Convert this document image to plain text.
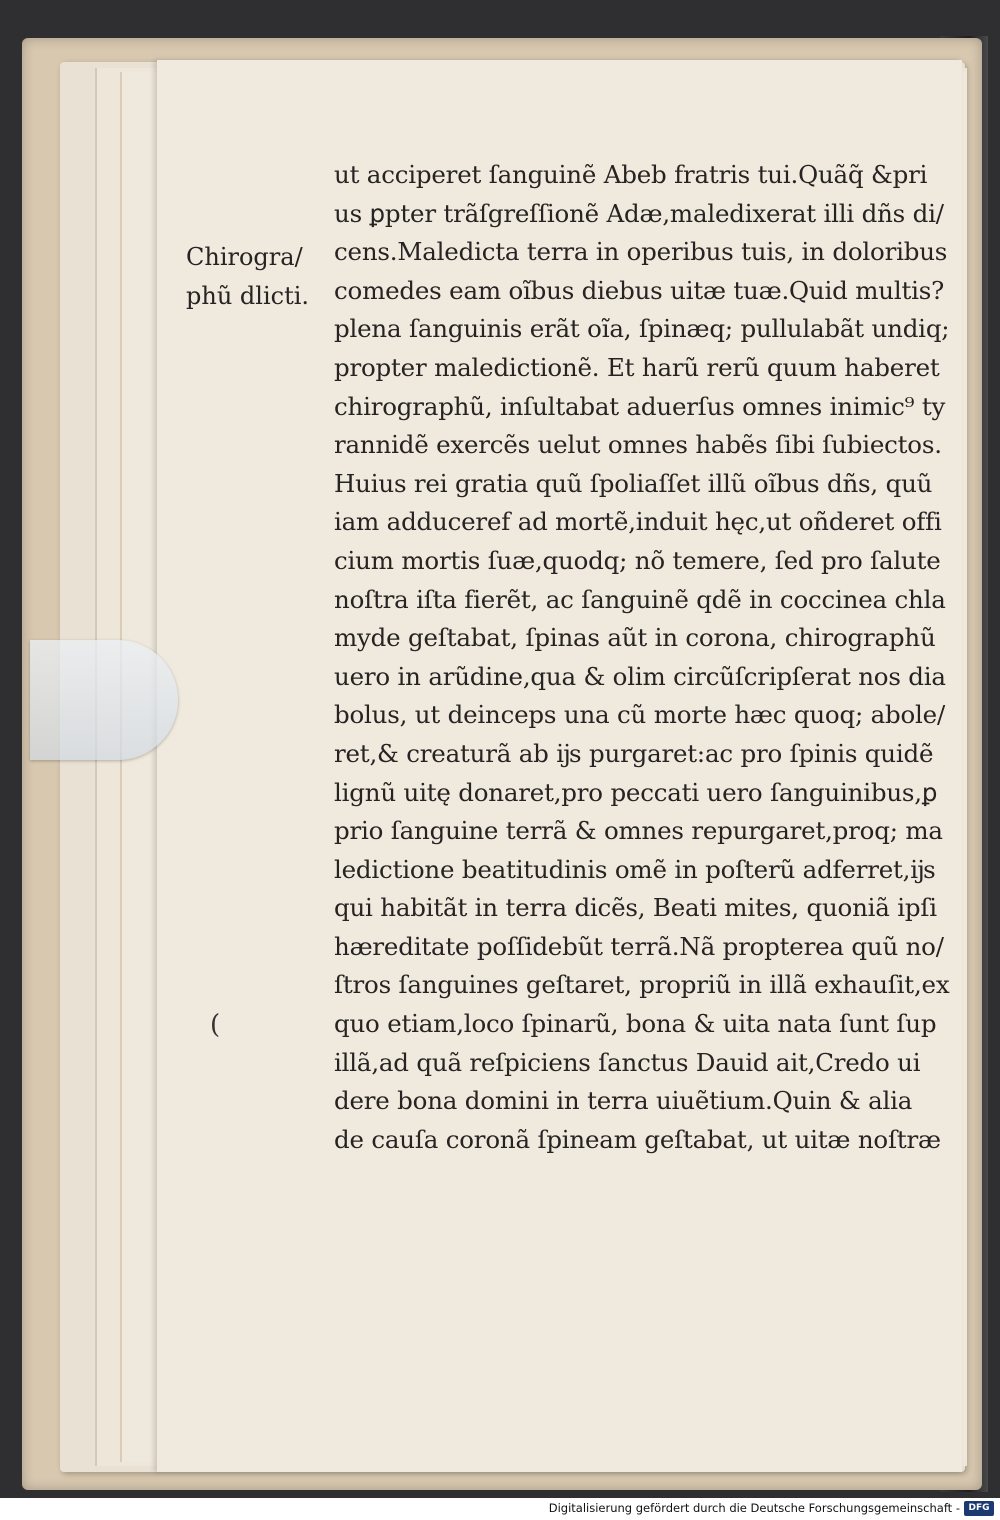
Chirogra/
phũ dlicti.
(
ut acciperet ſanguinẽ Abeb fratris tui.Quãq̃ &pri
us ꝑpter trãſgreſſionẽ Adæ,maledixerat illi dñs di/
cens.Maledicta terra in operibus tuis, in doloribus
comedes eam oĩbus diebus uitæ tuæ.Quid multis?
plena ſanguinis erãt oĩa, ſpinæq; pullulabãt undiq;
propter maledictionẽ. Et harũ rerũ quum haberet
chirographũ, inſultabat aduerſus omnes inimic⁹ ty
rannidẽ exercẽs uelut omnes habẽs ſibi ſubiectos.
Huius rei gratia quũ ſpoliaſſet illũ oĩbus dñs, quũ
iam adduceref ad mortẽ,induit hęc,ut oñderet offi
cium mortis ſuæ,quodq; nõ temere, ſed pro ſalute
noſtra iſta fierẽt, ac ſanguinẽ qdẽ in coccinea chla
myde geſtabat, ſpinas aũt in corona, chirographũ
uero in arũdine,qua & olim circũſcripſerat nos dia
bolus, ut deinceps una cũ morte hæc quoq; abole/
ret,& creaturã ab ĳs purgaret:ac pro ſpinis quidẽ
lignũ uitę donaret,pro peccati uero ſanguinibus,ꝑ
prio ſanguine terrã & omnes repurgaret,proq; ma
ledictione beatitudinis omẽ in poſterũ adferret,ĳs
qui habitãt in terra dicẽs, Beati mites, quoniã ipſi
hæreditate poſſidebũt terrã.Nã propterea quũ no/
ſtros ſanguines geſtaret, propriũ in illã exhauſit,ex
quo etiam,loco ſpinarũ, bona & uita nata ſunt ſup
illã,ad quã reſpiciens ſanctus Dauid ait,Credo ui
dere bona domini in terra uiuẽtium.Quin & alia
de cauſa coronã ſpineam geſtabat, ut uitæ noſtræ
Digitalisierung gefördert durch die Deutsche Forschungsgemeinschaft - DFG
